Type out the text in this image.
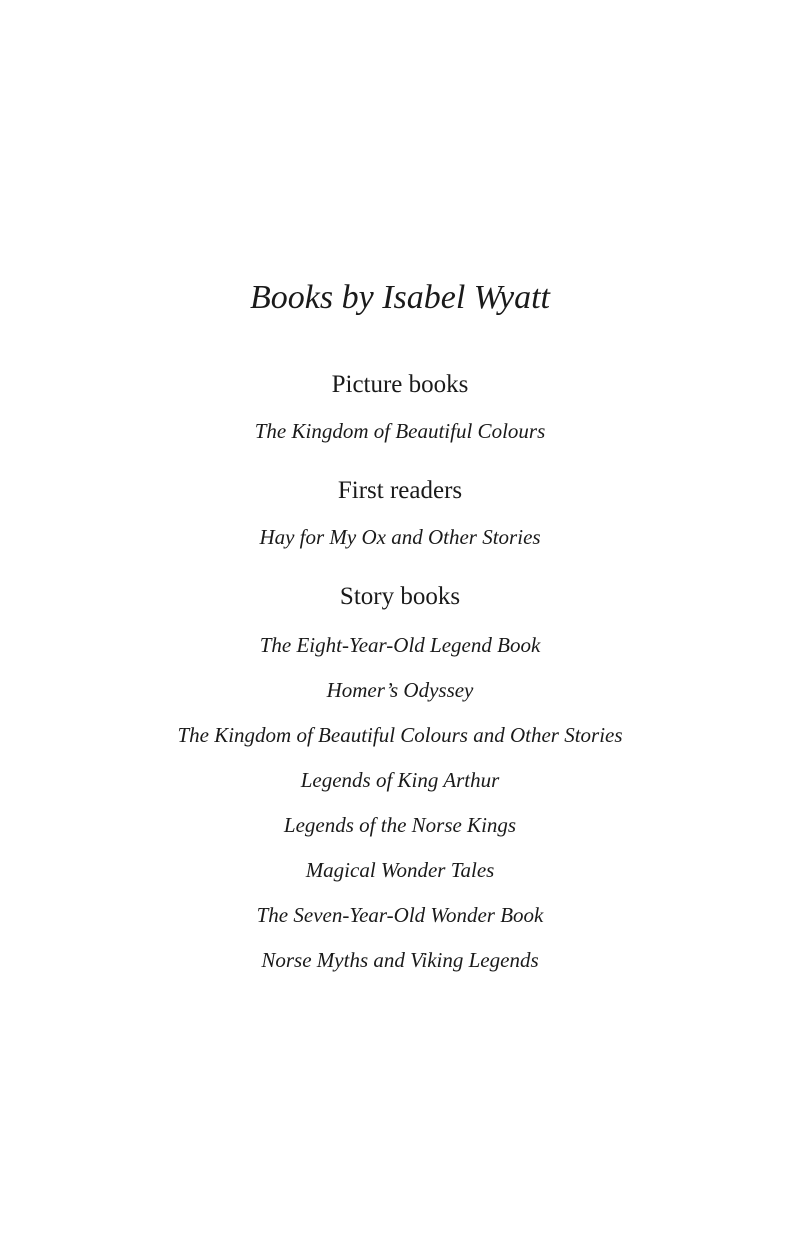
Books by Isabel Wyatt
Picture books

The Kingdom of Beautiful Colours

First readers

Hay for My Ox and Other Stories

Story books

The Eight-Year-Old Legend Book

Homer’s Odyssey

The Kingdom of Beautiful Colours and Other Stories

Legends of King Arthur

Legends of the Norse Kings

Magical Wonder Tales

The Seven-Year-Old Wonder Book

Norse Myths and Viking Legends
